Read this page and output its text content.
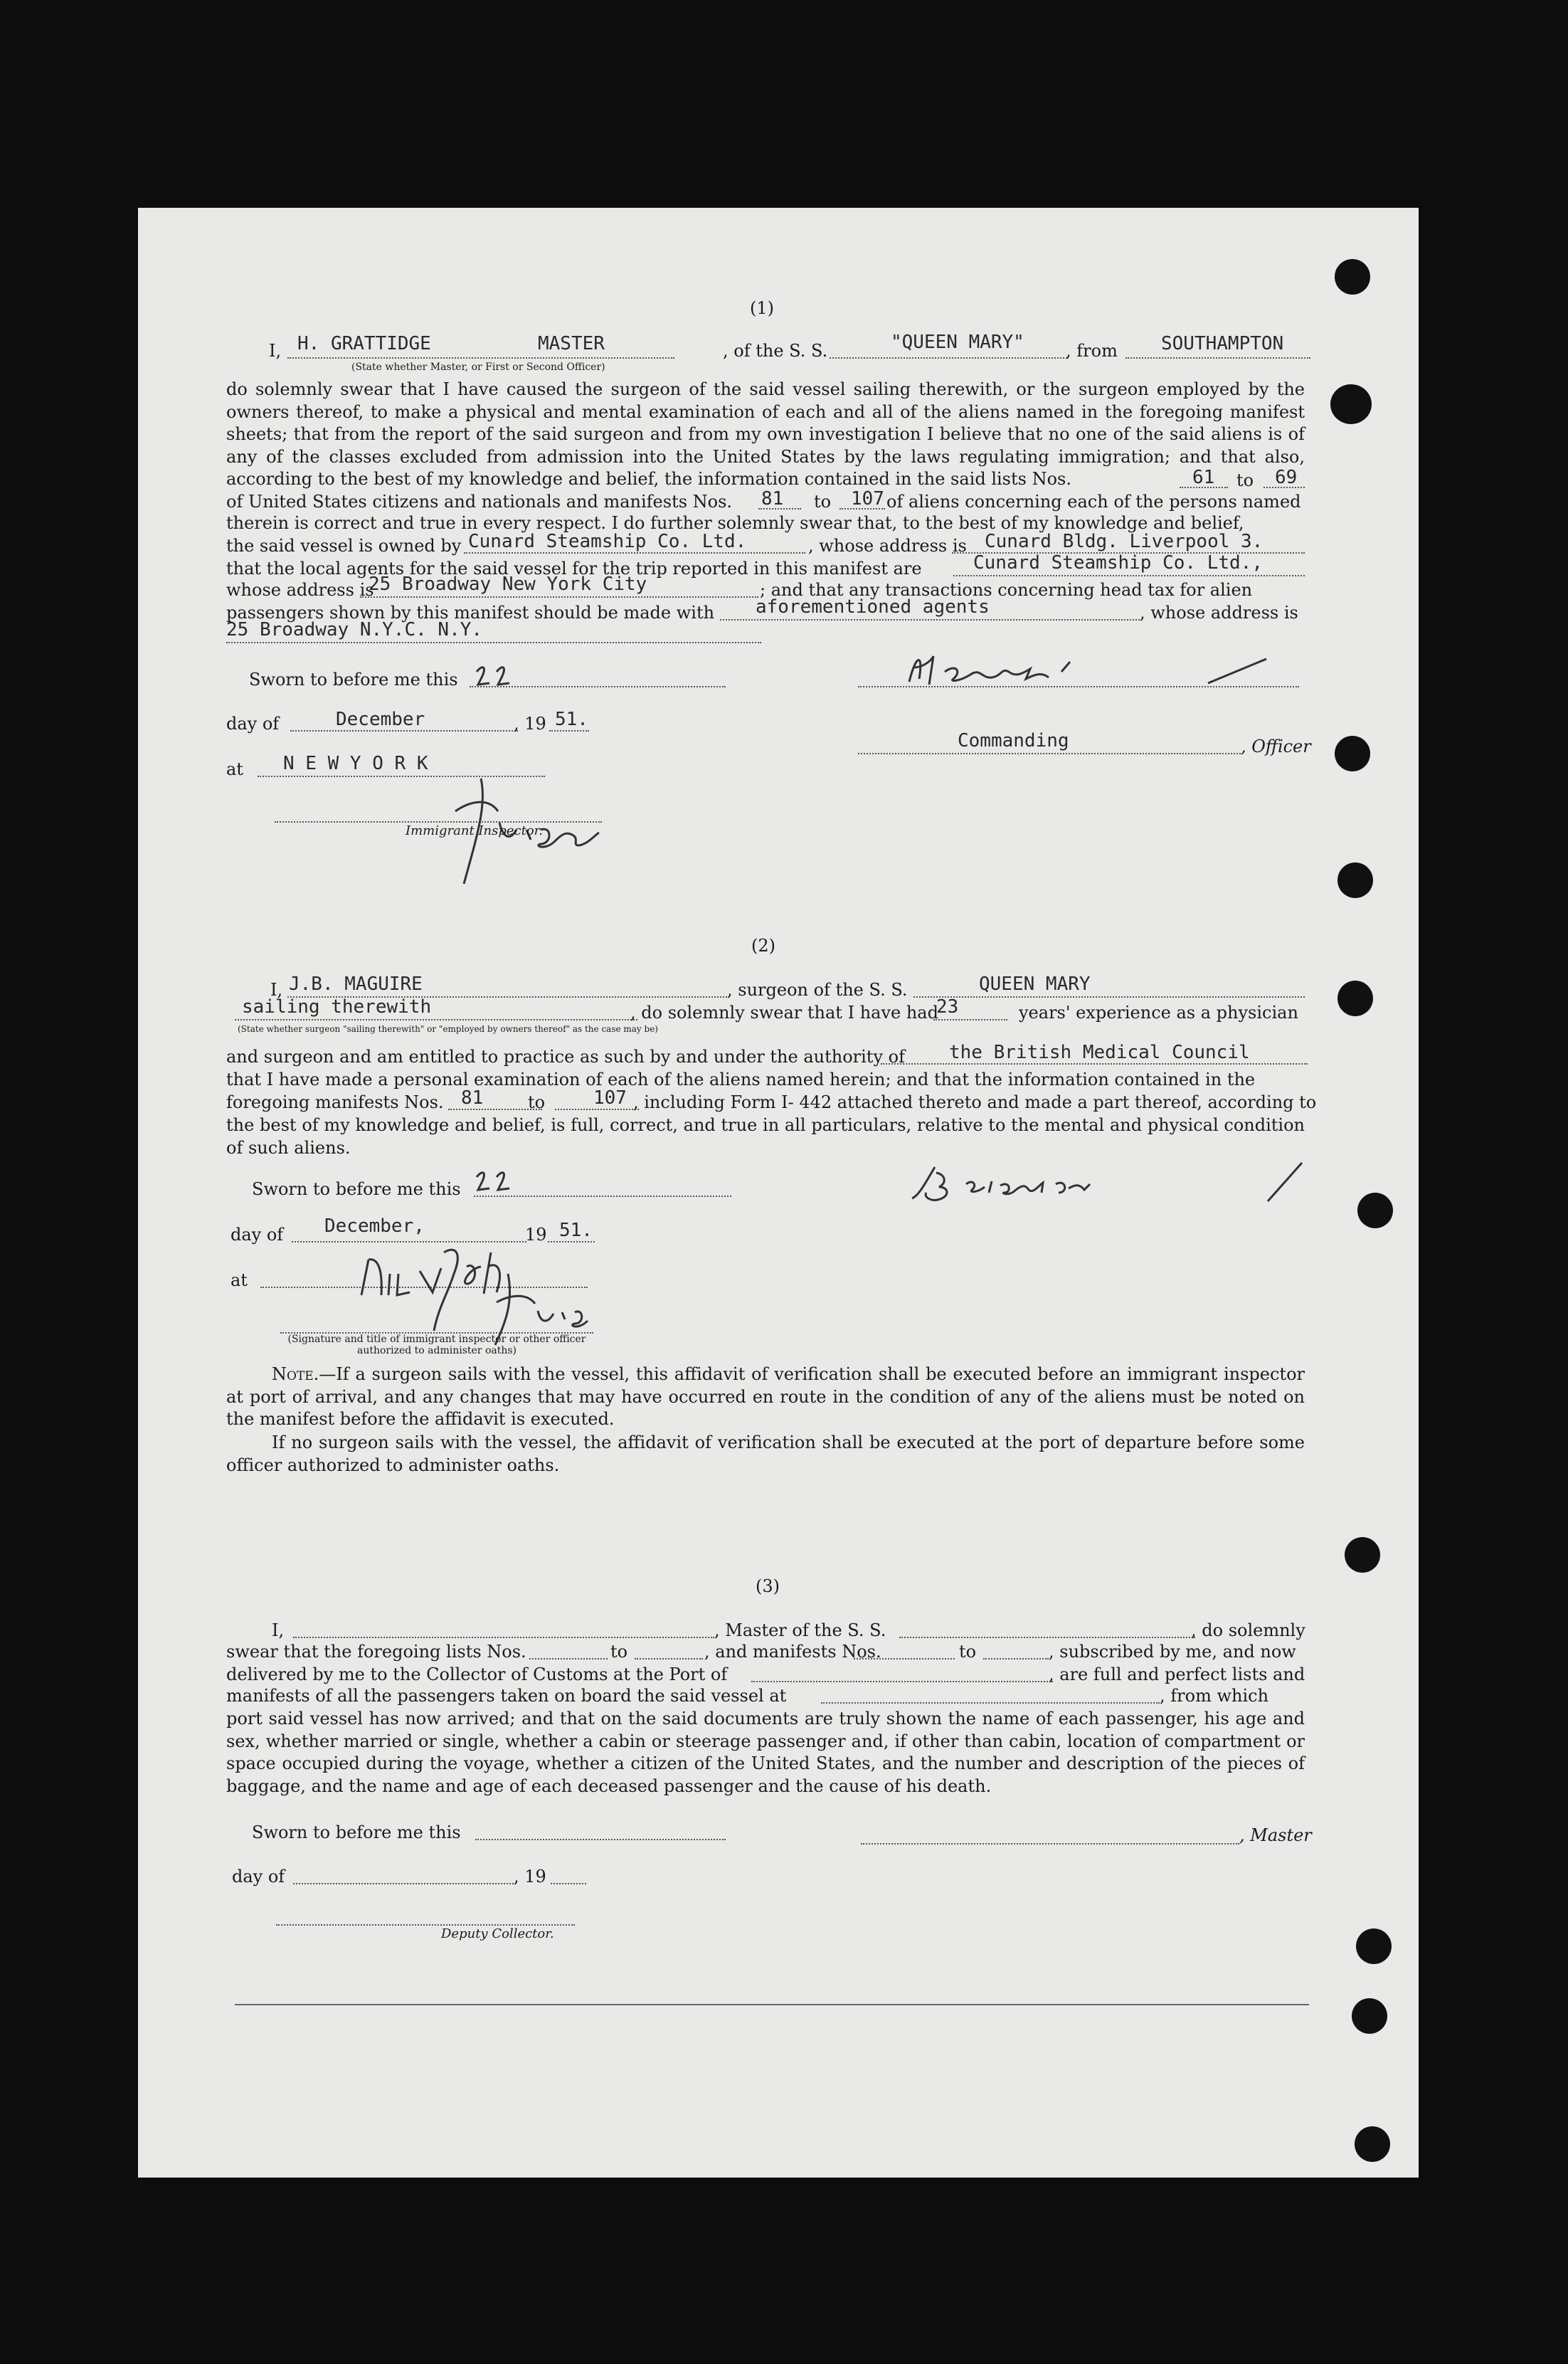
(1)
I, H. GRATTIDGE	MASTER
(State whether Master, or First or Second Officer)
, of the S. S.	"QUEEN MARY" , from SOUTHAMPTON
do solemnly swear that I have caused the surgeon of the said vessel sailing therewith, or the surgeon employed by the owners thereof, to make a physical and mental examination of each and all of the aliens named in the foregoing manifest sheets; that from the report of the said surgeon and from my own investigation I believe that no one of the said aliens is of any of the classes excluded from admission into the United States by the laws regulating immigration; and that also, according to the best of my knowledge and belief, the information contained in the said lists Nos.	61 to 69
of United States citizens and nationals and manifests Nos. 81 to 107 of aliens concerning each of the persons named
therein is correct and true in every respect. I do further solemnly swear that, to the best of my knowledge and belief,
the said vessel is owned by Cunard Steamship Co. Ltd.	, whose address is Cunard Bldg. Liverpool 3.
that the local agents for the said vessel for the trip reported in this manifest are	Cunard Steamship Co. Ltd.,
whose address is
25 Broadway New York City	; and that any transactions concerning head tax for alien
passengers shown by this manifest should be made with aforementioned agents	, whose address is
25 Broadway N.Y.C. N.Y.
Sworn to before me this
day of	December	, 19 51.
Commanding	, Officer
at N E W Y O R K
Immigrant Inspector.
(2)
I, J.B. MAGUIRE	, surgeon of the S. S.	QUEEN MARY
sailing therewith	, do solemnly swear that I have had
23	years' experience as a physician
(State whether surgeon "sailing therewith" or "employed by owners thereof" as the case may be)
and surgeon and am entitled to practice as such by and under the authority of the British Medical Council
that I have made a personal examination of each of the aliens named herein; and that the information contained in the
foregoing manifests Nos. 81	to	107 , including Form I- 442 attached thereto and made a part thereof, according to
the best of my knowledge and belief, is full, correct, and true in all particulars, relative to the mental and physical condition of such aliens.
Sworn to before me this
day of December,	19 51.
at
(Signature and title of immigrant inspector or other officer authorized to administer oaths)
Note.—If a surgeon sails with the vessel, this affidavit of verification shall be executed before an immigrant inspector at port of arrival, and any changes that may have occurred en route in the condition of any of the aliens must be noted on the manifest before the affidavit is executed.
If no surgeon sails with the vessel, the affidavit of verification shall be executed at the port of departure before some officer authorized to administer oaths.
(3)
I,	, Master of the S. S.	, do solemnly
swear that the foregoing lists Nos.	to	, and manifests Nos.	to	, subscribed by me, and now
delivered by me to the Collector of Customs at the Port of	, are full and perfect lists and
manifests of all the passengers taken on board the said vessel at	, from which
port said vessel has now arrived; and that on the said documents are truly shown the name of each passenger, his age and sex, whether married or single, whether a cabin or steerage passenger and, if other than cabin, location of compartment or space occupied during the voyage, whether a citizen of the United States, and the number and description of the pieces of baggage, and the name and age of each deceased passenger and the cause of his death.
Sworn to before me this	, Master
day of	, 19
Deputy Collector.
